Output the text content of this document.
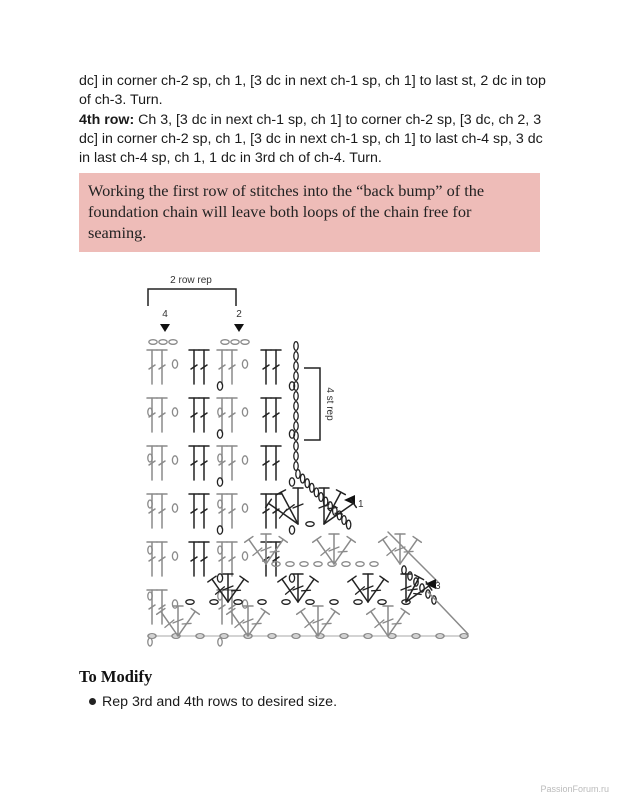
dc] in corner ch-2 sp, ch 1, [3 dc in next ch-1 sp, ch 1] to last st, 2 dc in top of ch-3. Turn.
4th row: Ch 3, [3 dc in next ch-1 sp, ch 1] to corner ch-2 sp, [3 dc, ch 2, 3 dc] in corner ch-2 sp, ch 1, [3 dc in next ch-1 sp, ch 1] to last ch-4 sp, 3 dc in last ch-4 sp, ch 1, 1 dc in 3rd ch of ch-4. Turn.
Working the first row of stitches into the “back bump” of the foundation chain will leave both loops of the chain free for seaming.
2 row rep
4 st rep
4	2
1
3
To Modify
Rep 3rd and 4th rows to desired size.
PassionForum.ru
